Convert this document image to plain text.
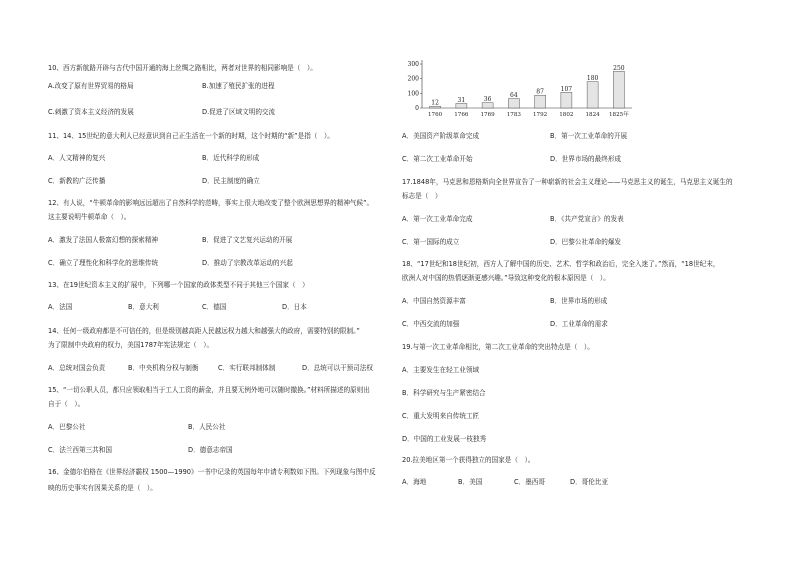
10、西方新航路开辟与古代中国开通的海上丝绸之路相比，两者对世界的相同影响是（　）。
A.改变了原有世界贸易的格局	B.加速了殖民扩张的进程
C.刺激了资本主义经济的发展	D.促进了区域文明的交流
11、14、15世纪的意大利人已经意识到自己正生活在一个新的时期，这个时期的“新”是指（　）。
A．人文精神的复兴	B．近代科学的形成
C．新教的广泛传播	D．民主制度的确立
12、有人说，“牛顿革命的影响远远超出了自然科学的范畴，事实上很大地改变了整个欧洲思想界的精神气候”。
这主要说明牛顿革命（　）。
A．激发了法国人极富幻想的探索精神	B．促进了文艺复兴运动的开展
C．确立了理性化和科学化的思维传统	D．推动了宗教改革运动的兴起
13、在19世纪资本主义的扩展中，下列哪一个国家的政体类型不同于其他三个国家（　）
A．法国	B．意大利	C．德国	D．日本
14、任何一级政府都是不可信任的，但是级别越高距人民越远权力越大和越强大的政府，需要特别的限制。”
为了限制中央政府的权力，美国1787年宪法规定（　）。
A．总统对国会负责	B．中央机构分权与制衡	C．实行联邦制体制	D．总统可以干预司法权
15、“一切公职人员，都只应领取相当于工人工资的薪金，并且要无例外地可以随时撤换。”材料所描述的原则出
自于（　）。
A．巴黎公社	B．人民公社
C．法兰西第三共和国	D．德意志帝国
16、金德尔伯格在《世界经济霸权 1500—1990》一书中记录的英国每年申请专利数如下图。下列现象与图中反
映的历史事实有因果关系的是（　）。
0
100
200
300
12
1760
31
1766
36
1769
64
1783
87
1792
107
1802
180
1824
250
1825年
A．美国资产阶级革命完成	B．第一次工业革命的开展
C．第二次工业革命开始	D．世界市场的最终形成
17.1848年，马克思和恩格斯向全世界宣告了一种崭新的社会主义理论——马克思主义的诞生，马克思主义诞生的
标志是（　）
A．第一次工业革命完成	B．《共产党宣言》的发表
C．第一国际的成立	D．巴黎公社革命的爆发
18、“17世纪和18世纪初，西方人了解中国的历史、艺术、哲学和政治后，完全入迷了。”然而，“18世纪末，
欧洲人对中国的热情逐渐更感兴趣。”导致这种变化的根本原因是（　）。
A．中国自然资源丰富	B．世界市场的形成
C．中西交流的加强	D．工业革命的需求
19.与第一次工业革命相比，第二次工业革命的突出特点是（　）。
A．主要发生在轻工业领域
B．科学研究与生产紧密结合
C．重大发明来自传统工匠
D．中国的工业发展一枝独秀
20.拉美地区第一个获得独立的国家是（　）。
A．海地	B．美国	C．墨西哥	D．哥伦比亚
